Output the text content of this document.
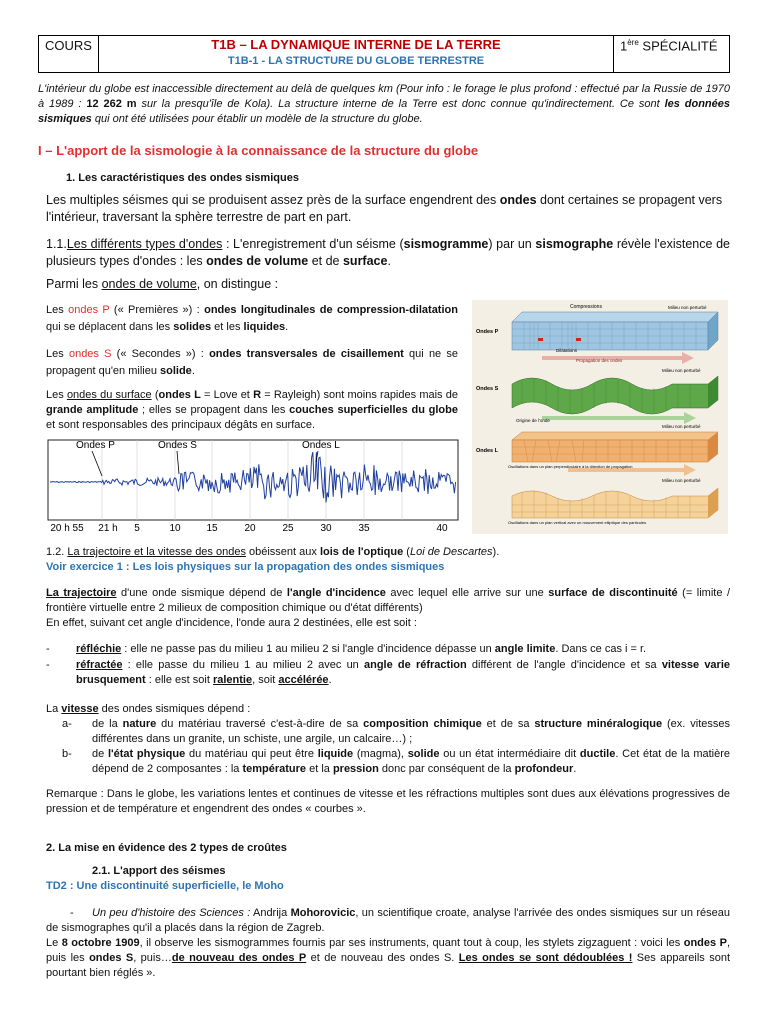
COURS	T1B – LA DYNAMIQUE INTERNE DE LA TERRE
T1B-1 - LA STRUCTURE DU GLOBE TERRESTRE
1ère SPÉCIALITÉ
L'intérieur du globe est inaccessible directement au delà de quelques km (Pour info : le forage le plus profond : effectué par la Russie de 1970 à 1989 : 12 262 m sur la presqu'île de Kola). La structure interne de la Terre est donc connue qu'indirectement. Ce sont les données sismiques qui ont été utilisées pour établir un modèle de la structure du globe.
I – L'apport de la sismologie à la connaissance de la structure du globe
1. Les caractéristiques des ondes sismiques
Les multiples séismes qui se produisent assez près de la surface engendrent des ondes dont certaines se propagent vers l'intérieur, traversant la sphère terrestre de part en part.
1.1.Les différents types d'ondes : L'enregistrement d'un séisme (sismogramme) par un sismographe révèle l'existence de plusieurs types d'ondes : les ondes de volume et de surface.
Parmi les ondes de volume, on distingue :
Les ondes P (« Premières ») : ondes longitudinales de compression-dilatation qui se déplacent dans les solides et les liquides.
Les ondes S (« Secondes ») : ondes transversales de cisaillement qui ne se propagent qu'en milieu solide.
Les ondes du surface (ondes L = Love et R = Rayleigh) sont moins rapides mais de grande amplitude ; elles se propagent dans les couches superficielles du globe et sont responsables des principaux dégâts en surface.
Ondes P	Ondes S	Ondes L
20 h 55 21 h 5	10	15	20	25	30	35	40
Compressions	Milieu non perturbé
Ondes P
Dilatations
Propagation des ondes
Milieu non perturbé
Ondes S
Origine de l'onde
Milieu non perturbé
Ondes L
Oscillations dans un plan perpendiculaire à la direction de propagation
Milieu non perturbé
Oscillations dans un plan vertical avec un mouvement elliptique des particules
1.2. La trajectoire et la vitesse des ondes obéissent aux lois de l'optique (Loi de Descartes).
Voir exercice 1 : Les lois physiques sur la propagation des ondes sismiques
La trajectoire d'une onde sismique dépend de l'angle d'incidence avec lequel elle arrive sur une surface de discontinuité (= limite / frontière virtuelle entre 2 milieux de composition chimique ou d'état différents)
En effet, suivant cet angle d'incidence, l'onde aura 2 destinées, elle est soit :
- réfléchie : elle ne passe pas du milieu 1 au milieu 2 si l'angle d'incidence dépasse un angle limite. Dans ce cas i = r.
- réfractée : elle passe du milieu 1 au milieu 2 avec un angle de réfraction différent de l'angle d'incidence et sa vitesse varie brusquement : elle est soit ralentie, soit accélérée.
La vitesse des ondes sismiques dépend :
a- de la nature du matériau traversé c'est-à-dire de sa composition chimique et de sa structure minéralogique (ex. vitesses différentes dans un granite, un schiste, une argile, un calcaire…) ;
b- de l'état physique du matériau qui peut être liquide (magma), solide ou un état intermédiaire dit ductile. Cet état de la matière dépend de 2 composantes : la température et la pression donc par conséquent de la profondeur.
Remarque : Dans le globe, les variations lentes et continues de vitesse et les réfractions multiples sont dues aux élévations progressives de pression et de température et engendrent des ondes « courbes ».
2. La mise en évidence des 2 types de croûtes
2.1. L'apport des séismes
TD2 : Une discontinuité superficielle, le Moho
-	Un peu d'histoire des Sciences : Andrija Mohorovicic, un scientifique croate, analyse l'arrivée des ondes sismiques sur un réseau de sismographes qu'il a placés dans la région de Zagreb.
Le 8 octobre 1909, il observe les sismogrammes fournis par ses instruments, quant tout à coup, les stylets zigzaguent : voici les ondes P, puis les ondes S, puis…de nouveau des ondes P et de nouveau des ondes S. Les ondes se sont dédoublées ! Ses appareils sont pourtant bien réglés ».
